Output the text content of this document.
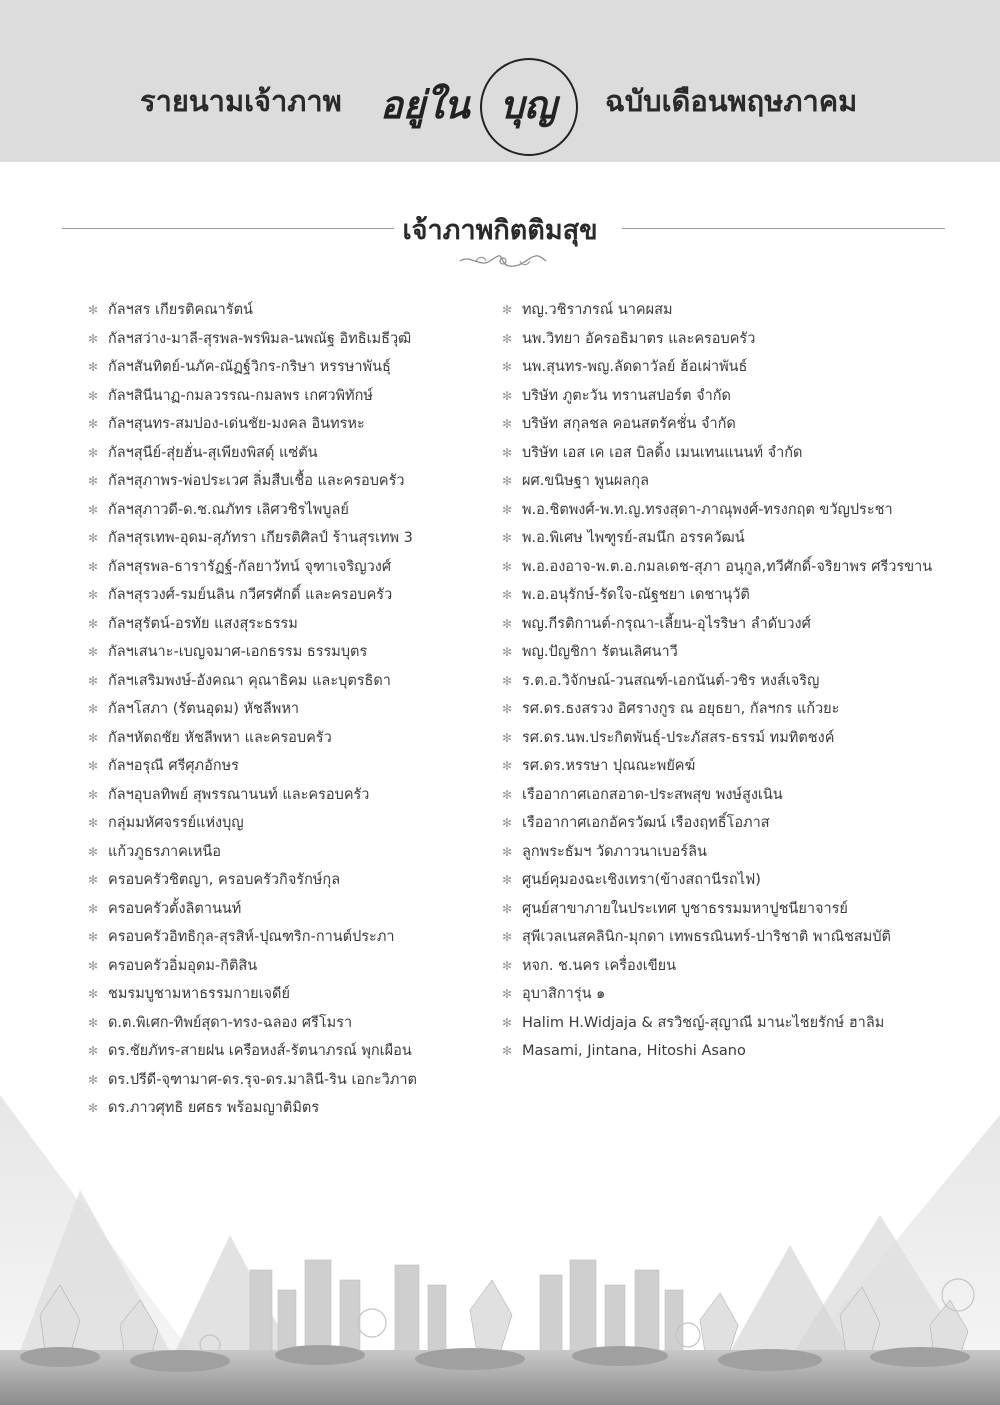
รายนามเจ้าภาพ อยู่ใน บุญ ฉบับเดือนพฤษภาคม
เจ้าภาพกิตติมสุข
✻ กัลฯสร เกียรติคณารัตน์
✻ กัลฯสว่าง-มาลี-สุรพล-พรพิมล-นพณัฐ อิทธิเมธีวุฒิ
✻ กัลฯสันทิตย์-นภัค-ณัฏฐ์วิกร-กริษา หรรษาพันธุ์
✻ กัลฯสินีนาฏ-กมลวรรณ-กมลพร เกศวพิทักษ์
✻ กัลฯสุนทร-สมปอง-เด่นชัย-มงคล อินทรหะ
✻ กัลฯสุนีย์-สุ่ยฮั่น-สุเพียงพิสดุ์ แซ่ตัน
✻ กัลฯสุภาพร-พ่อประเวศ ลิ่มสืบเชื้อ และครอบครัว
✻ กัลฯสุภาวดี-ด.ช.ณภัทร เลิศวชิรไพบูลย์
✻ กัลฯสุรเทพ-อุดม-สุภัทรา เกียรติศิลป์ ร้านสุรเทพ 3
✻ กัลฯสุรพล-ธารารัฏฐ์-กัลยาวัทน์ จุฑาเจริญวงศ์
✻ กัลฯสุรวงศ์-รมย์นลิน กวีศรศักดิ์ และครอบครัว
✻ กัลฯสุรัตน์-อรทัย แสงสุระธรรม
✻ กัลฯเสนาะ-เบญจมาศ-เอกธรรม ธรรมบุตร
✻ กัลฯเสริมพงษ์-อังคณา คุณาธิคม และบุตรธิดา
✻ กัลฯโสภา (รัตนอุดม) หัชลีพหา
✻ กัลฯหัตถชัย หัชลีพหา และครอบครัว
✻ กัลฯอรุณี ศรีศุภอักษร
✻ กัลฯอุบลทิพย์ สุพรรณานนท์ และครอบครัว
✻ กลุ่มมหัศจรรย์แห่งบุญ
✻ แก้วภูธรภาคเหนือ
✻ ครอบครัวชิตญา, ครอบครัวกิจรักษ์กุล
✻ ครอบครัวตั้งลิตานนท์
✻ ครอบครัวอิทธิกุล-สุรสิห์-ปุณฑริก-กานต์ประภา
✻ ครอบครัวอิ่มอุดม-กิติสิน
✻ ชมรมบูชามหาธรรมกายเจดีย์
✻ ด.ต.พิเศก-ทิพย์สุดา-ทรง-ฉลอง ศรีโมรา
✻ ดร.ชัยภัทร-สายฝน เครือหงส์-รัตนาภรณ์ พุกเผือน
✻ ดร.ปรีดี-จุฑามาศ-ดร.รุจ-ดร.มาลินี-ริน เอกะวิภาต
✻ ดร.ภาวศุทธิ ยศธร พร้อมญาติมิตร
✻ ทญ.วชิราภรณ์ นาคผสม
✻ นพ.วิทยา อัครอธิมาตร และครอบครัว
✻ นพ.สุนทร-พญ.ลัดดาวัลย์ ฮ้อเผ่าพันธ์
✻ บริษัท ภูตะวัน ทรานสปอร์ต จำกัด
✻ บริษัท สกุลชล คอนสตรัคชั่น จำกัด
✻ บริษัท เอส เค เอส บิลดิ้ง เมนเทนแนนท์ จำกัด
✻ ผศ.ขนิษฐา พูนผลกุล
✻ พ.อ.ชิตพงศ์-พ.ท.ญ.ทรงสุดา-ภาณุพงศ์-ทรงกฤต ขวัญประชา
✻ พ.อ.พิเศษ ไพฑูรย์-สมนึก อรรควัฒน์
✻ พ.อ.องอาจ-พ.ต.อ.กมลเดช-สุภา อนุกูล,ทวีศักดิ์-จริยาพร ศรีวรขาน
✻ พ.อ.อนุรักษ์-รัดใจ-ณัฐชยา เดชานุวัติ
✻ พญ.กีรติกานต์-กรุณา-เลี้ยน-อุไรริษา ลำดับวงศ์
✻ พญ.ปัญชิกา รัตนเลิศนาวี
✻ ร.ต.อ.วิจักษณ์-วนสณฑ์-เอกนันต์-วชิร หงส์เจริญ
✻ รศ.ดร.ธงสรวง อิศรางกูร ณ อยุธยา, กัลฯกร แก้วยะ
✻ รศ.ดร.นพ.ประกิตพันธุ์-ประภัสสร-ธรรม์ ทมทิตชงค์
✻ รศ.ดร.หรรษา ปุณณะพยัคฆ์
✻ เรืออากาศเอกสอาด-ประสพสุข พงษ์สูงเนิน
✻ เรืออากาศเอกอัครวัฒน์ เรืองฤทธิ์โอภาส
✻ ลูกพระธัมฯ วัดภาวนาเบอร์ลิน
✻ ศูนย์คุมองฉะเชิงเทรา(ข้างสถานีรถไฟ)
✻ ศูนย์สาขาภายในประเทศ บูชาธรรมมหาปูชนียาจารย์
✻ สุพีเวลเนสคลินิก-มุกดา เทพธรณินทร์-ปาริชาติ พาณิชสมบัติ
✻ หจก. ช.นคร เครื่องเขียน
✻ อุบาสิการุ่น ๑
✻ Halim H.Widjaja & สรวิชญ์-สุญาณี มานะไชยรักษ์ ฮาลิม
✻ Masami, Jintana, Hitoshi Asano
